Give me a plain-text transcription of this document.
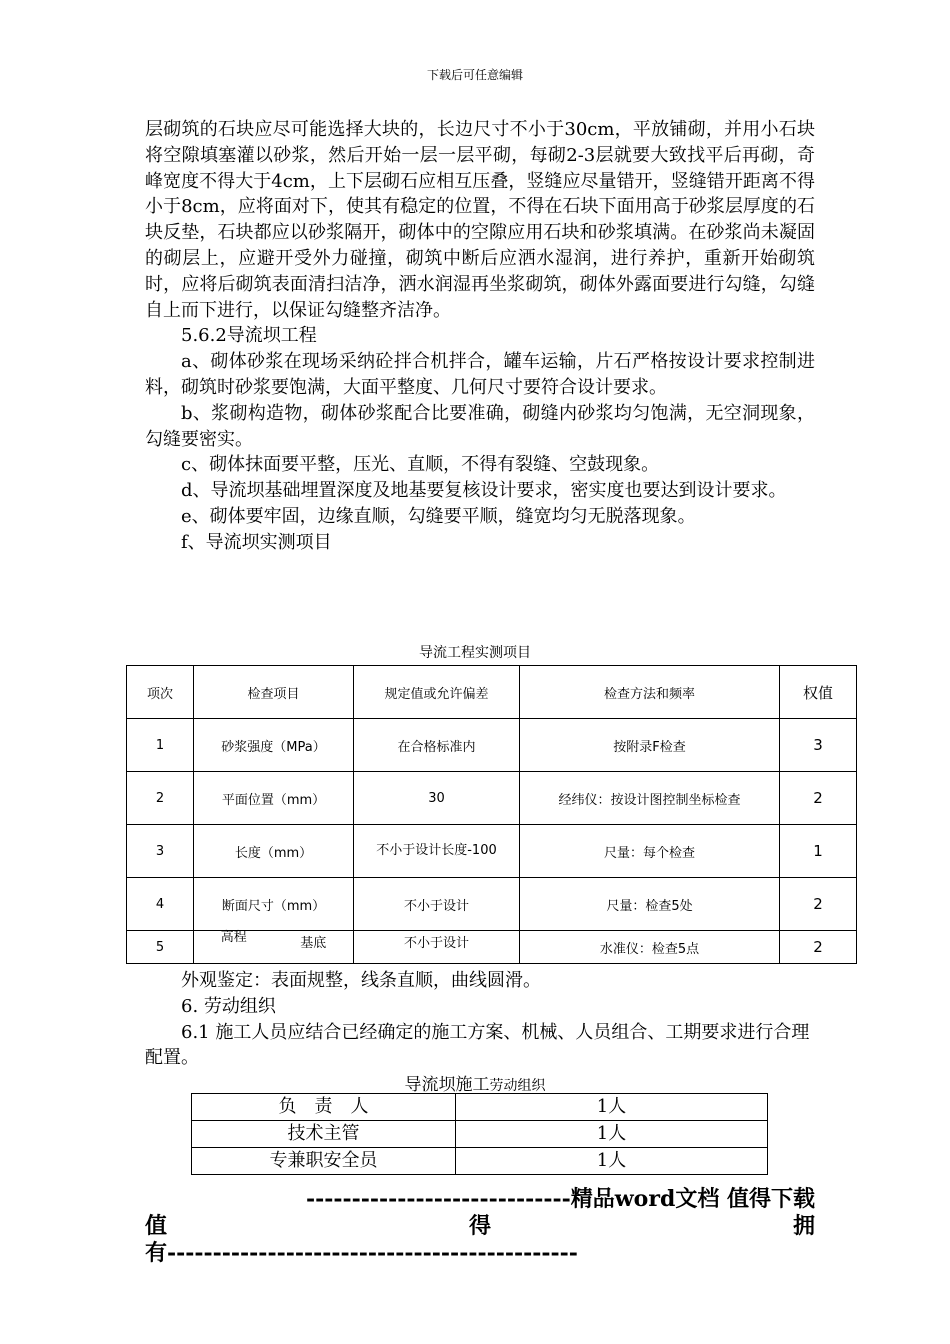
下载后可任意编辑

层砌筑的石块应尽可能选择大块的，长边尺寸不小于30cm，平放铺砌，并用小石块将空隙填塞灌以砂浆，然后开始一层一层平砌，每砌2-3层就要大致找平后再砌，奇峰宽度不得大于4cm，上下层砌石应相互压叠，竖缝应尽量错开，竖缝错开距离不得小于8cm，应将面对下，使其有稳定的位置，不得在石块下面用高于砂浆层厚度的石块反垫，石块都应以砂浆隔开，砌体中的空隙应用石块和砂浆填满。在砂浆尚未凝固的砌层上，应避开受外力碰撞，砌筑中断后应洒水湿润，进行养护，重新开始砌筑时，应将后砌筑表面清扫洁净，洒水润湿再坐浆砌筑，砌体外露面要进行勾缝，勾缝自上而下进行，以保证勾缝整齐洁净。

5.6.2导流坝工程

a、砌体砂浆在现场采纳砼拌合机拌合，罐车运输，片石严格按设计要求控制进料，砌筑时砂浆要饱满，大面平整度、几何尺寸要符合设计要求。

b、浆砌构造物，砌体砂浆配合比要准确，砌缝内砂浆均匀饱满，无空洞现象，勾缝要密实。

c、砌体抹面要平整，压光、直顺，不得有裂缝、空鼓现象。

d、导流坝基础埋置深度及地基要复核设计要求，密实度也要达到设计要求。

e、砌体要牢固，边缘直顺，勾缝要平顺，缝宽均匀无脱落现象。

f、导流坝实测项目

导流工程实测项目
项次	检查项目	规定值或允许偏差	检查方法和频率	权值
1	砂浆强度（MPa）	在合格标准内	按附录F检查	3
2	平面位置（mm）	30	经纬仪：按设计图控制坐标检查	2
3	长度（mm）	不小于设计长度-100	尺量：每个检查	1
4	断面尺寸（mm）	不小于设计	尺量：检查5处	2
5	高程 基底	不小于设计	水准仪：检查5点	2

外观鉴定：表面规整，线条直顺，曲线圆滑。

6. 劳动组织

6.1 施工人员应结合已经确定的施工方案、机械、人员组合、工期要求进行合理配置。

导流坝施工劳动组织
负　责　人	1人
技术主管	1人
专兼职安全员	1人
-----------------------------精品word文档 值得下载
值	得	拥
有---------------------------------------------
